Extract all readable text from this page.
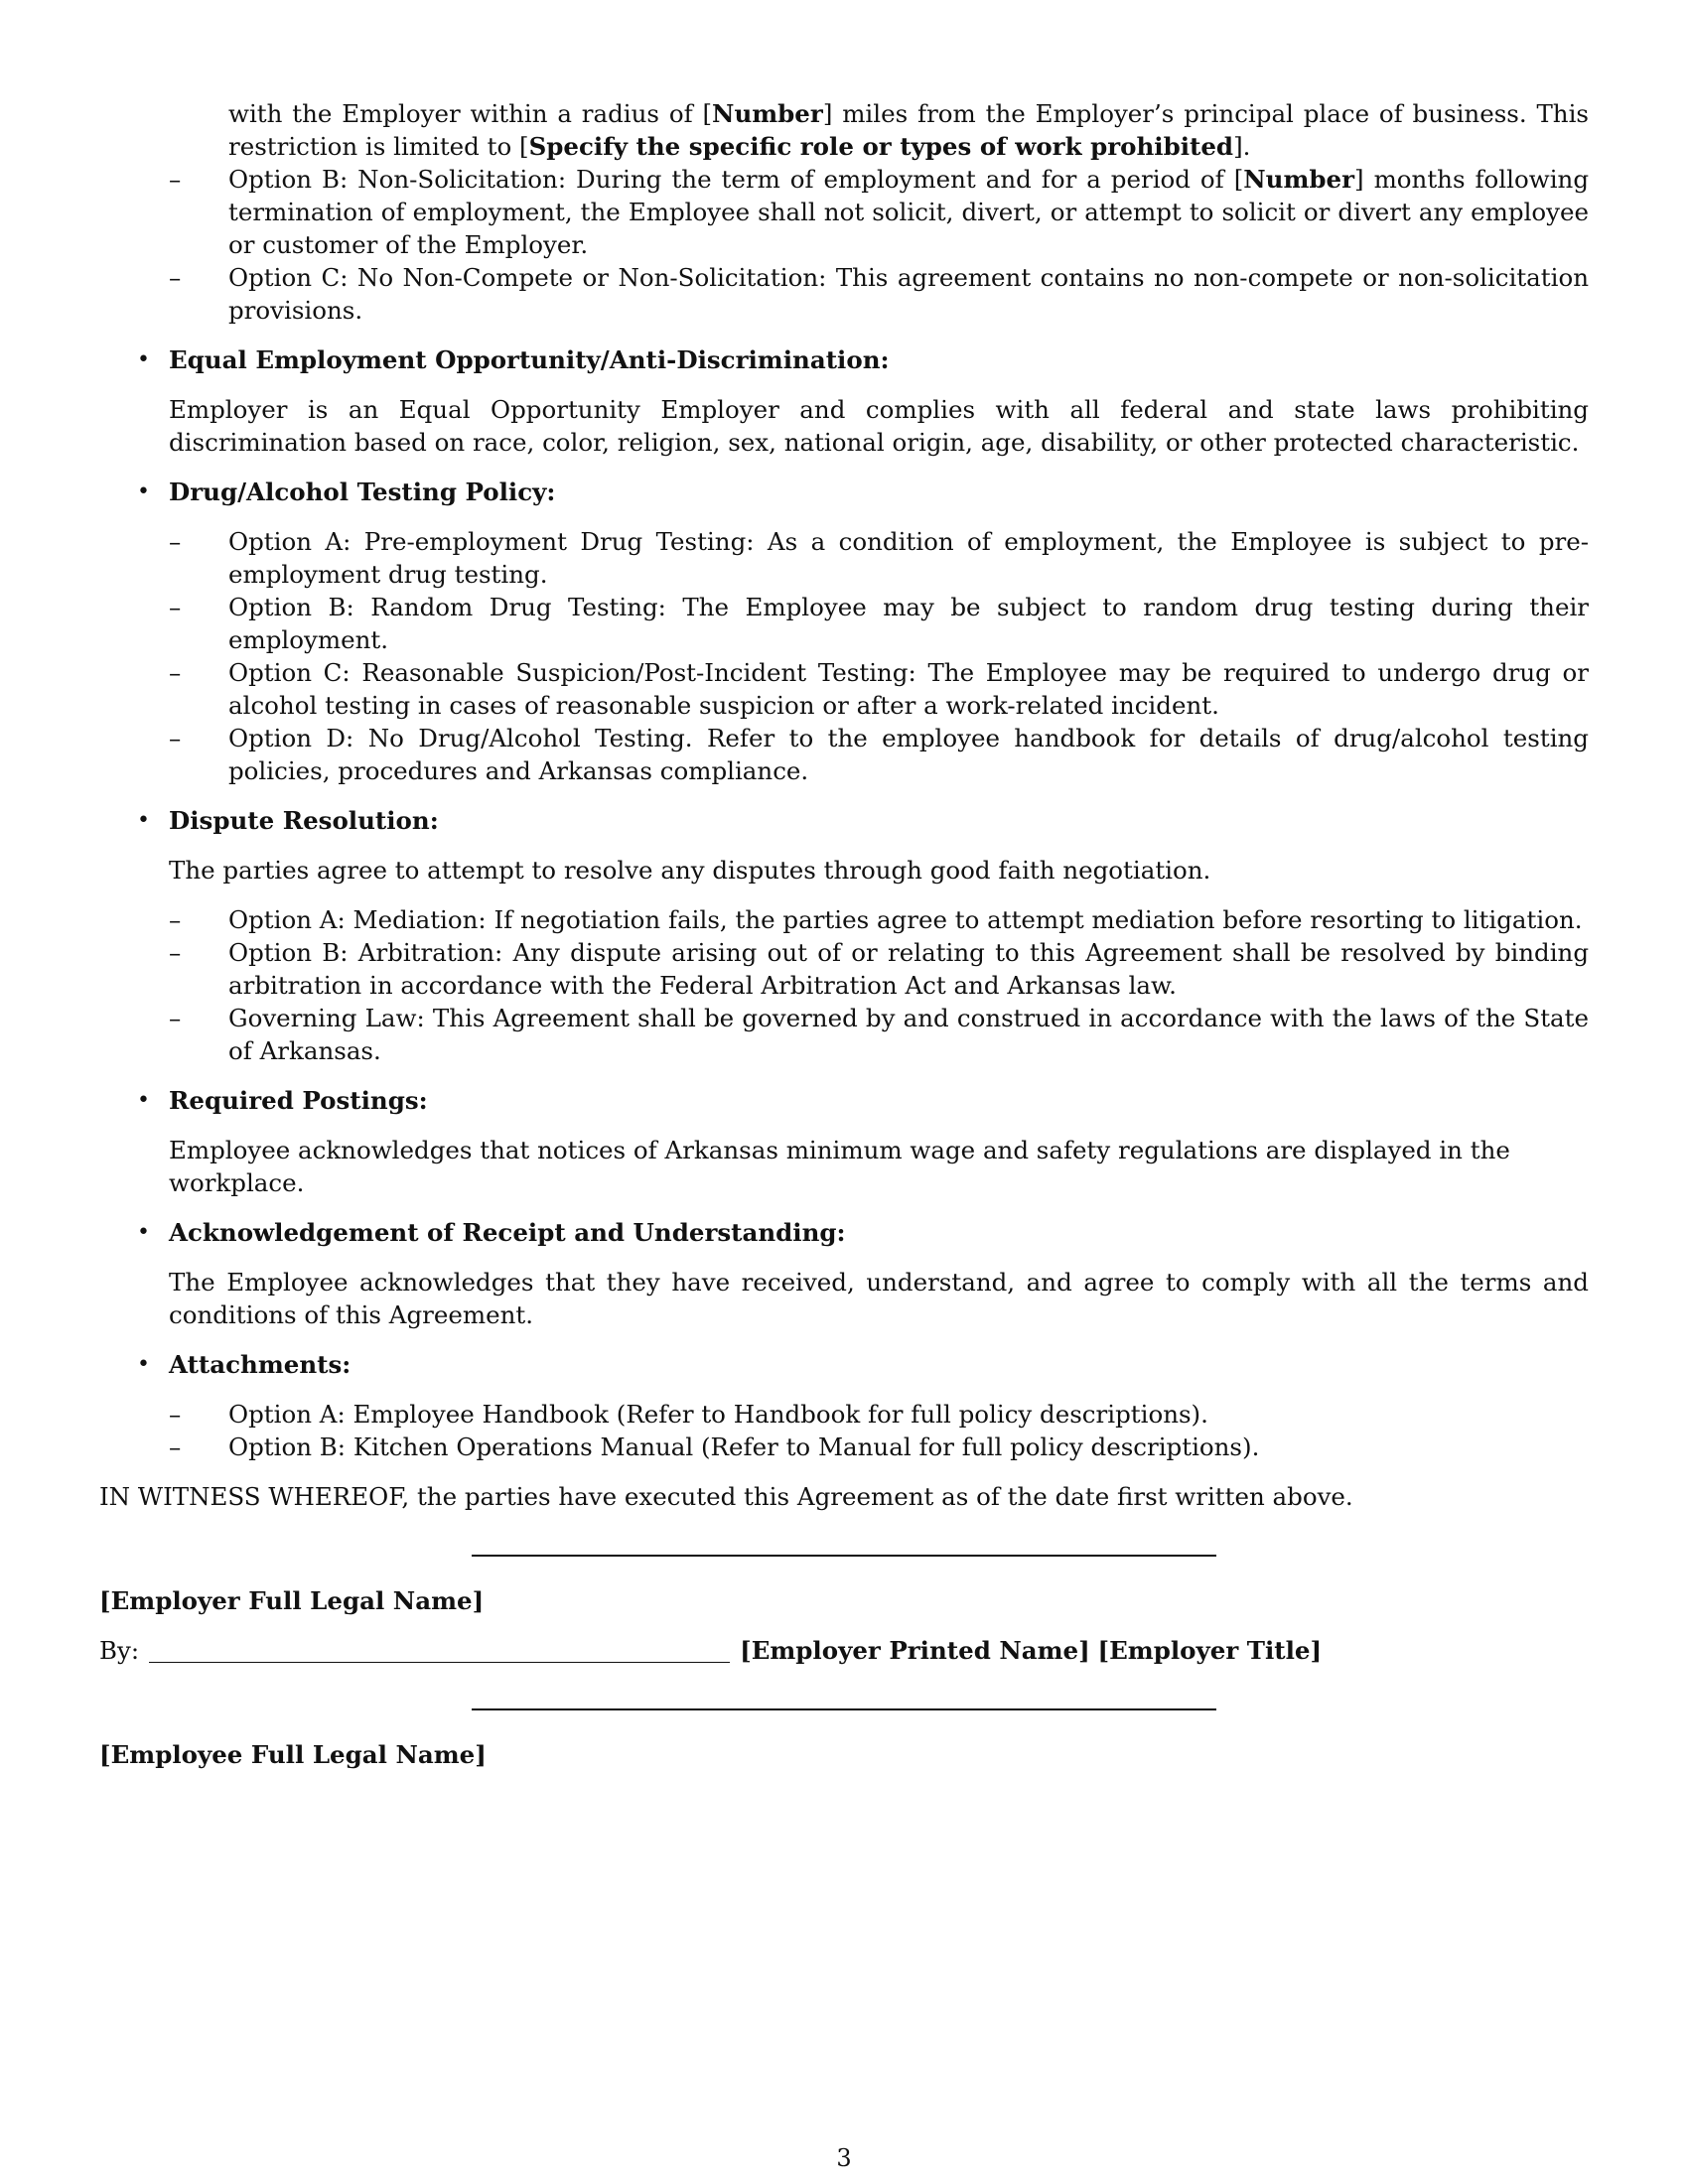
with the Employer within a radius of [Number] miles from the Employer’s principal place of business. This restriction is limited to [Specify the specific role or types of work prohibited].
–	Option B: Non-Solicitation: During the term of employment and for a period of [Number] months following termination of employment, the Employee shall not solicit, divert, or attempt to solicit or divert any employee or customer of the Employer.
–	Option C: No Non-Compete or Non-Solicitation: This agreement contains no non-compete or non-solicitation provisions.
• Equal Employment Opportunity/Anti-Discrimination:
Employer is an Equal Opportunity Employer and complies with all federal and state laws prohibiting discrimination based on race, color, religion, sex, national origin, age, disability, or other protected characteristic.
• Drug/Alcohol Testing Policy:
–	Option A: Pre-employment Drug Testing: As a condition of employment, the Employee is subject to pre-employment drug testing.
–	Option B: Random Drug Testing: The Employee may be subject to random drug testing during their employment.
–	Option C: Reasonable Suspicion/Post-Incident Testing: The Employee may be required to undergo drug or alcohol testing in cases of reasonable suspicion or after a work-related incident.
–	Option D: No Drug/Alcohol Testing. Refer to the employee handbook for details of drug/alcohol testing policies, procedures and Arkansas compliance.
• Dispute Resolution:
The parties agree to attempt to resolve any disputes through good faith negotiation.
–	Option A: Mediation: If negotiation fails, the parties agree to attempt mediation before resorting to litigation.
–	Option B: Arbitration: Any dispute arising out of or relating to this Agreement shall be resolved by binding arbitration in accordance with the Federal Arbitration Act and Arkansas law.
–	Governing Law: This Agreement shall be governed by and construed in accordance with the laws of the State of Arkansas.
• Required Postings:
Employee acknowledges that notices of Arkansas minimum wage and safety regulations are displayed in the workplace.
• Acknowledgement of Receipt and Understanding:
The Employee acknowledges that they have received, understand, and agree to comply with all the terms and conditions of this Agreement.
• Attachments:
–	Option A: Employee Handbook (Refer to Handbook for full policy descriptions).
–	Option B: Kitchen Operations Manual (Refer to Manual for full policy descriptions).
IN WITNESS WHEREOF, the parties have executed this Agreement as of the date first written above.
[Employer Full Legal Name]
By:	[Employer Printed Name] [Employer Title]
[Employee Full Legal Name]
3
